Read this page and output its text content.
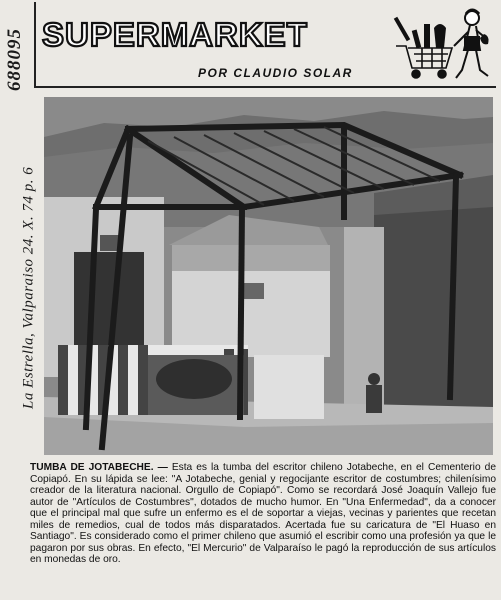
688095
La Estrella, Valparaiso 24. X. 74 p. 6
SUPERMARKET
POR CLAUDIO SOLAR
TUMBA DE JOTABECHE. — Esta es la tumba del escritor chileno Jotabeche, en el Cementerio de Copiapó. En su lápida se lee: "A Jotabeche, genial y regocijante escritor de costumbres; chilenísimo creador de la literatura nacional. Orgullo de Copiapó". Como se recordará José Joaquín Vallejo fue autor de "Artículos de Costumbres", dotados de mucho humor. En "Una Enfermedad", da a conocer que el principal mal que sufre un enfermo es el de soportar a viejas, vecinas y parientes que recetan miles de remedios, cual de todos más disparatados. Acertada fue su caricatura de "El Huaso en Santiago". Es considerado como el primer chileno que asumió el escribir como una profesión ya que le pagaron por sus obras. En efecto, "El Mercurio" de Valparaíso le pagó la reproducción de sus artículos en monedas de oro.
